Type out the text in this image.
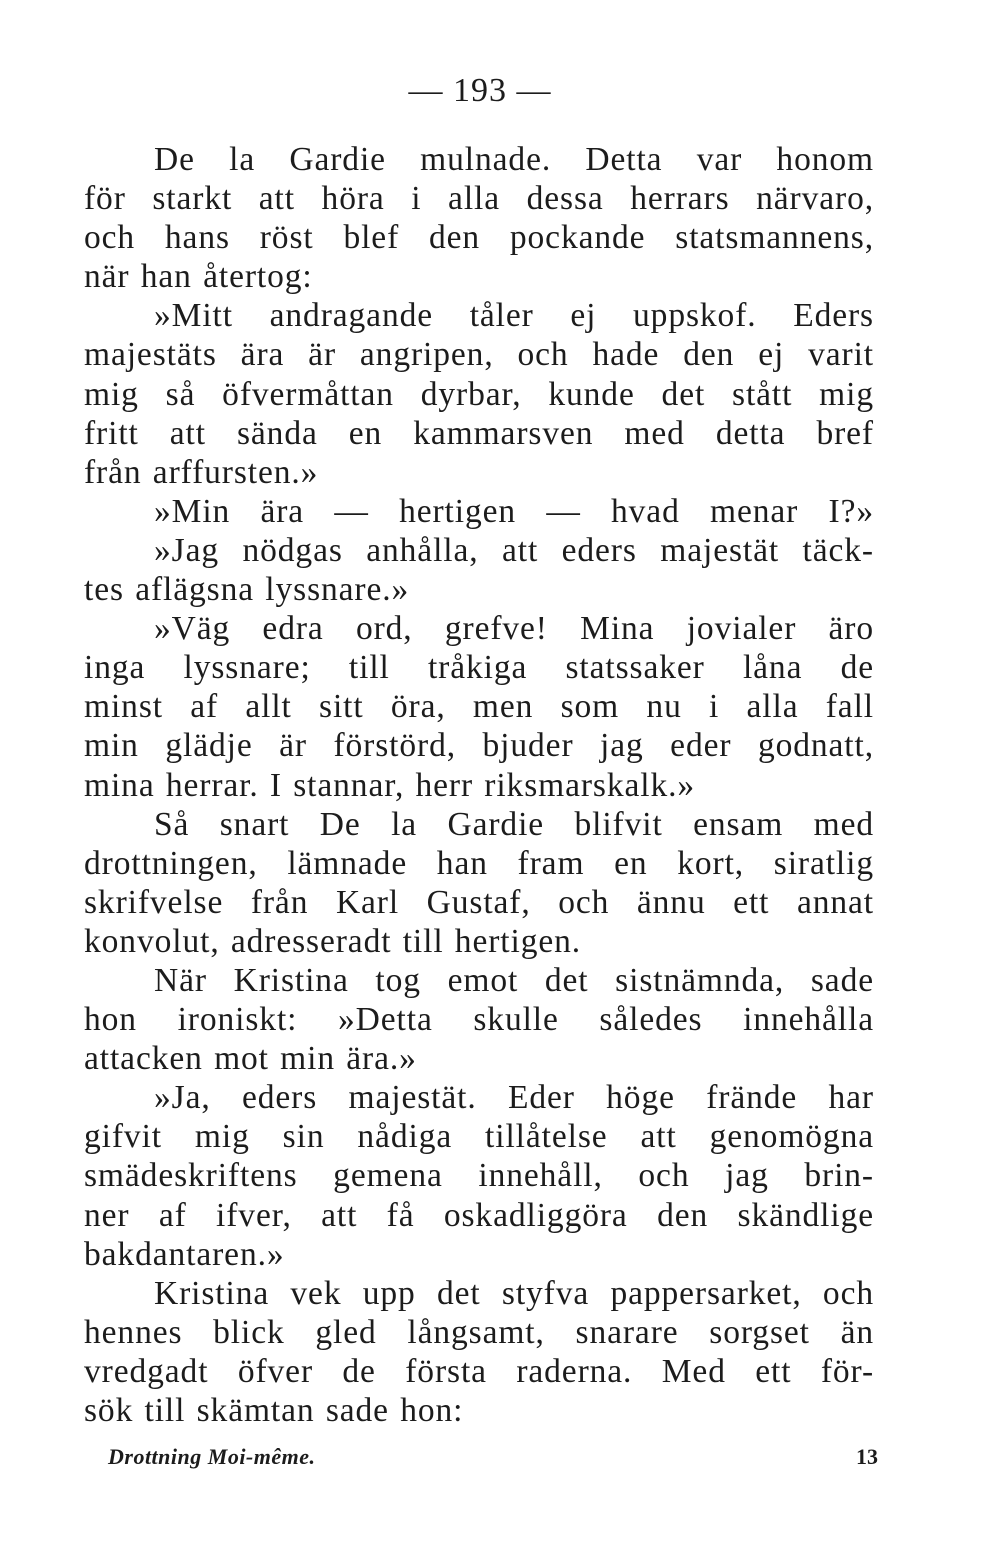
— 193 —
De la Gardie mulnade. Detta var honom
för starkt att höra i alla dessa herrars närvaro,
och hans röst blef den pockande statsmannens,
när han återtog:
»Mitt andragande tåler ej uppskof. Eders
majestäts ära är angripen, och hade den ej varit
mig så öfvermåttan dyrbar, kunde det stått mig
fritt att sända en kammarsven med detta bref
från arffursten.»
»Min ära — hertigen — hvad menar I?»
»Jag nödgas anhålla, att eders majestät täck-
tes aflägsna lyssnare.»
»Väg edra ord, grefve! Mina jovialer äro
inga lyssnare; till tråkiga statssaker låna de
minst af allt sitt öra, men som nu i alla fall
min glädje är förstörd, bjuder jag eder godnatt,
mina herrar. I stannar, herr riksmarskalk.»
Så snart De la Gardie blifvit ensam med
drottningen, lämnade han fram en kort, siratlig
skrifvelse från Karl Gustaf, och ännu ett annat
konvolut, adresseradt till hertigen.
När Kristina tog emot det sistnämnda, sade
hon ironiskt: »Detta skulle således innehålla
attacken mot min ära.»
»Ja, eders majestät. Eder höge frände har
gifvit mig sin nådiga tillåtelse att genomögna
smädeskriftens gemena innehåll, och jag brin-
ner af ifver, att få oskadliggöra den skändlige
bakdantaren.»
Kristina vek upp det styfva pappersarket, och
hennes blick gled långsamt, snarare sorgset än
vredgadt öfver de första raderna. Med ett för-
sök till skämtan sade hon:
Drottning Moi-même.	13
